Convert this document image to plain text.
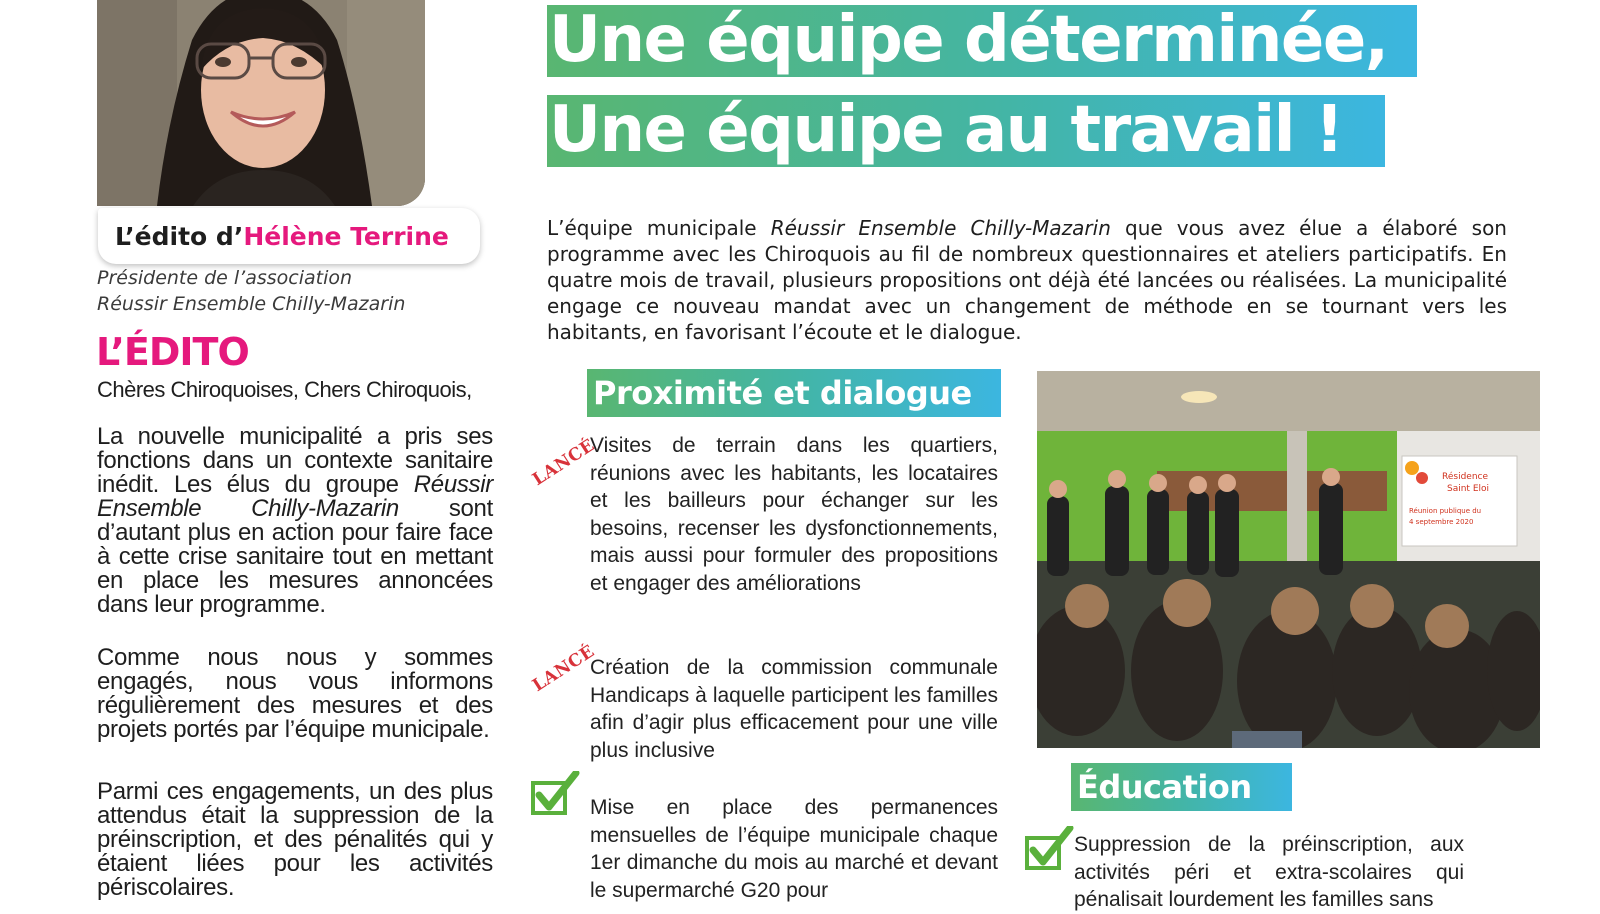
L’édito d’ Hélène Terrine
Présidente de l’association
Réussir Ensemble Chilly-Mazarin
L’ÉDITO
Chères Chiroquoises, Chers Chiroquois,
La nouvelle municipalité a pris ses fonctions dans un contexte sanitaire inédit. Les élus du groupe Réussir Ensemble Chilly-Mazarin sont d’autant plus en action pour faire face à cette crise sanitaire tout en mettant en place les mesures annoncées dans leur programme.
Comme nous nous y sommes engagés, nous vous informons régulièrement des mesures et des projets portés par l’équipe municipale.
Parmi ces engagements, un des plus attendus était la suppression de la préinscription, et des pénalités qui y étaient liées pour les activités périscolaires.
Une équipe déterminée,
Une équipe au travail !
L’équipe municipale Réussir Ensemble Chilly-Mazarin que vous avez élue a élaboré son programme avec les Chiroquois au fil de nombreux questionnaires et ateliers participatifs. En quatre mois de travail, plusieurs propositions ont déjà été lancées ou réalisées. La municipalité engage ce nouveau mandat avec un changement de méthode en se tournant vers les habitants, en favorisant l’écoute et le dialogue.
Proximité et dialogue
LANCÉ
Visites de terrain dans les quartiers, réunions avec les habitants, les locataires et les bailleurs pour échanger sur les besoins, recenser les dysfonctionnements, mais aussi pour formuler des propositions et engager des améliorations
LANCÉ
Création de la commission communale Handicaps à laquelle participent les familles afin d’agir plus efficacement pour une ville plus inclusive
Mise en place des permanences mensuelles de l’équipe municipale chaque 1er dimanche du mois au marché et devant le supermarché G20 pour
Résidence
Saint Eloi
Réunion publique du
4 septembre 2020
Éducation
Suppression de la préinscription, aux activités péri et extra-scolaires qui pénalisait lourdement les familles sans
